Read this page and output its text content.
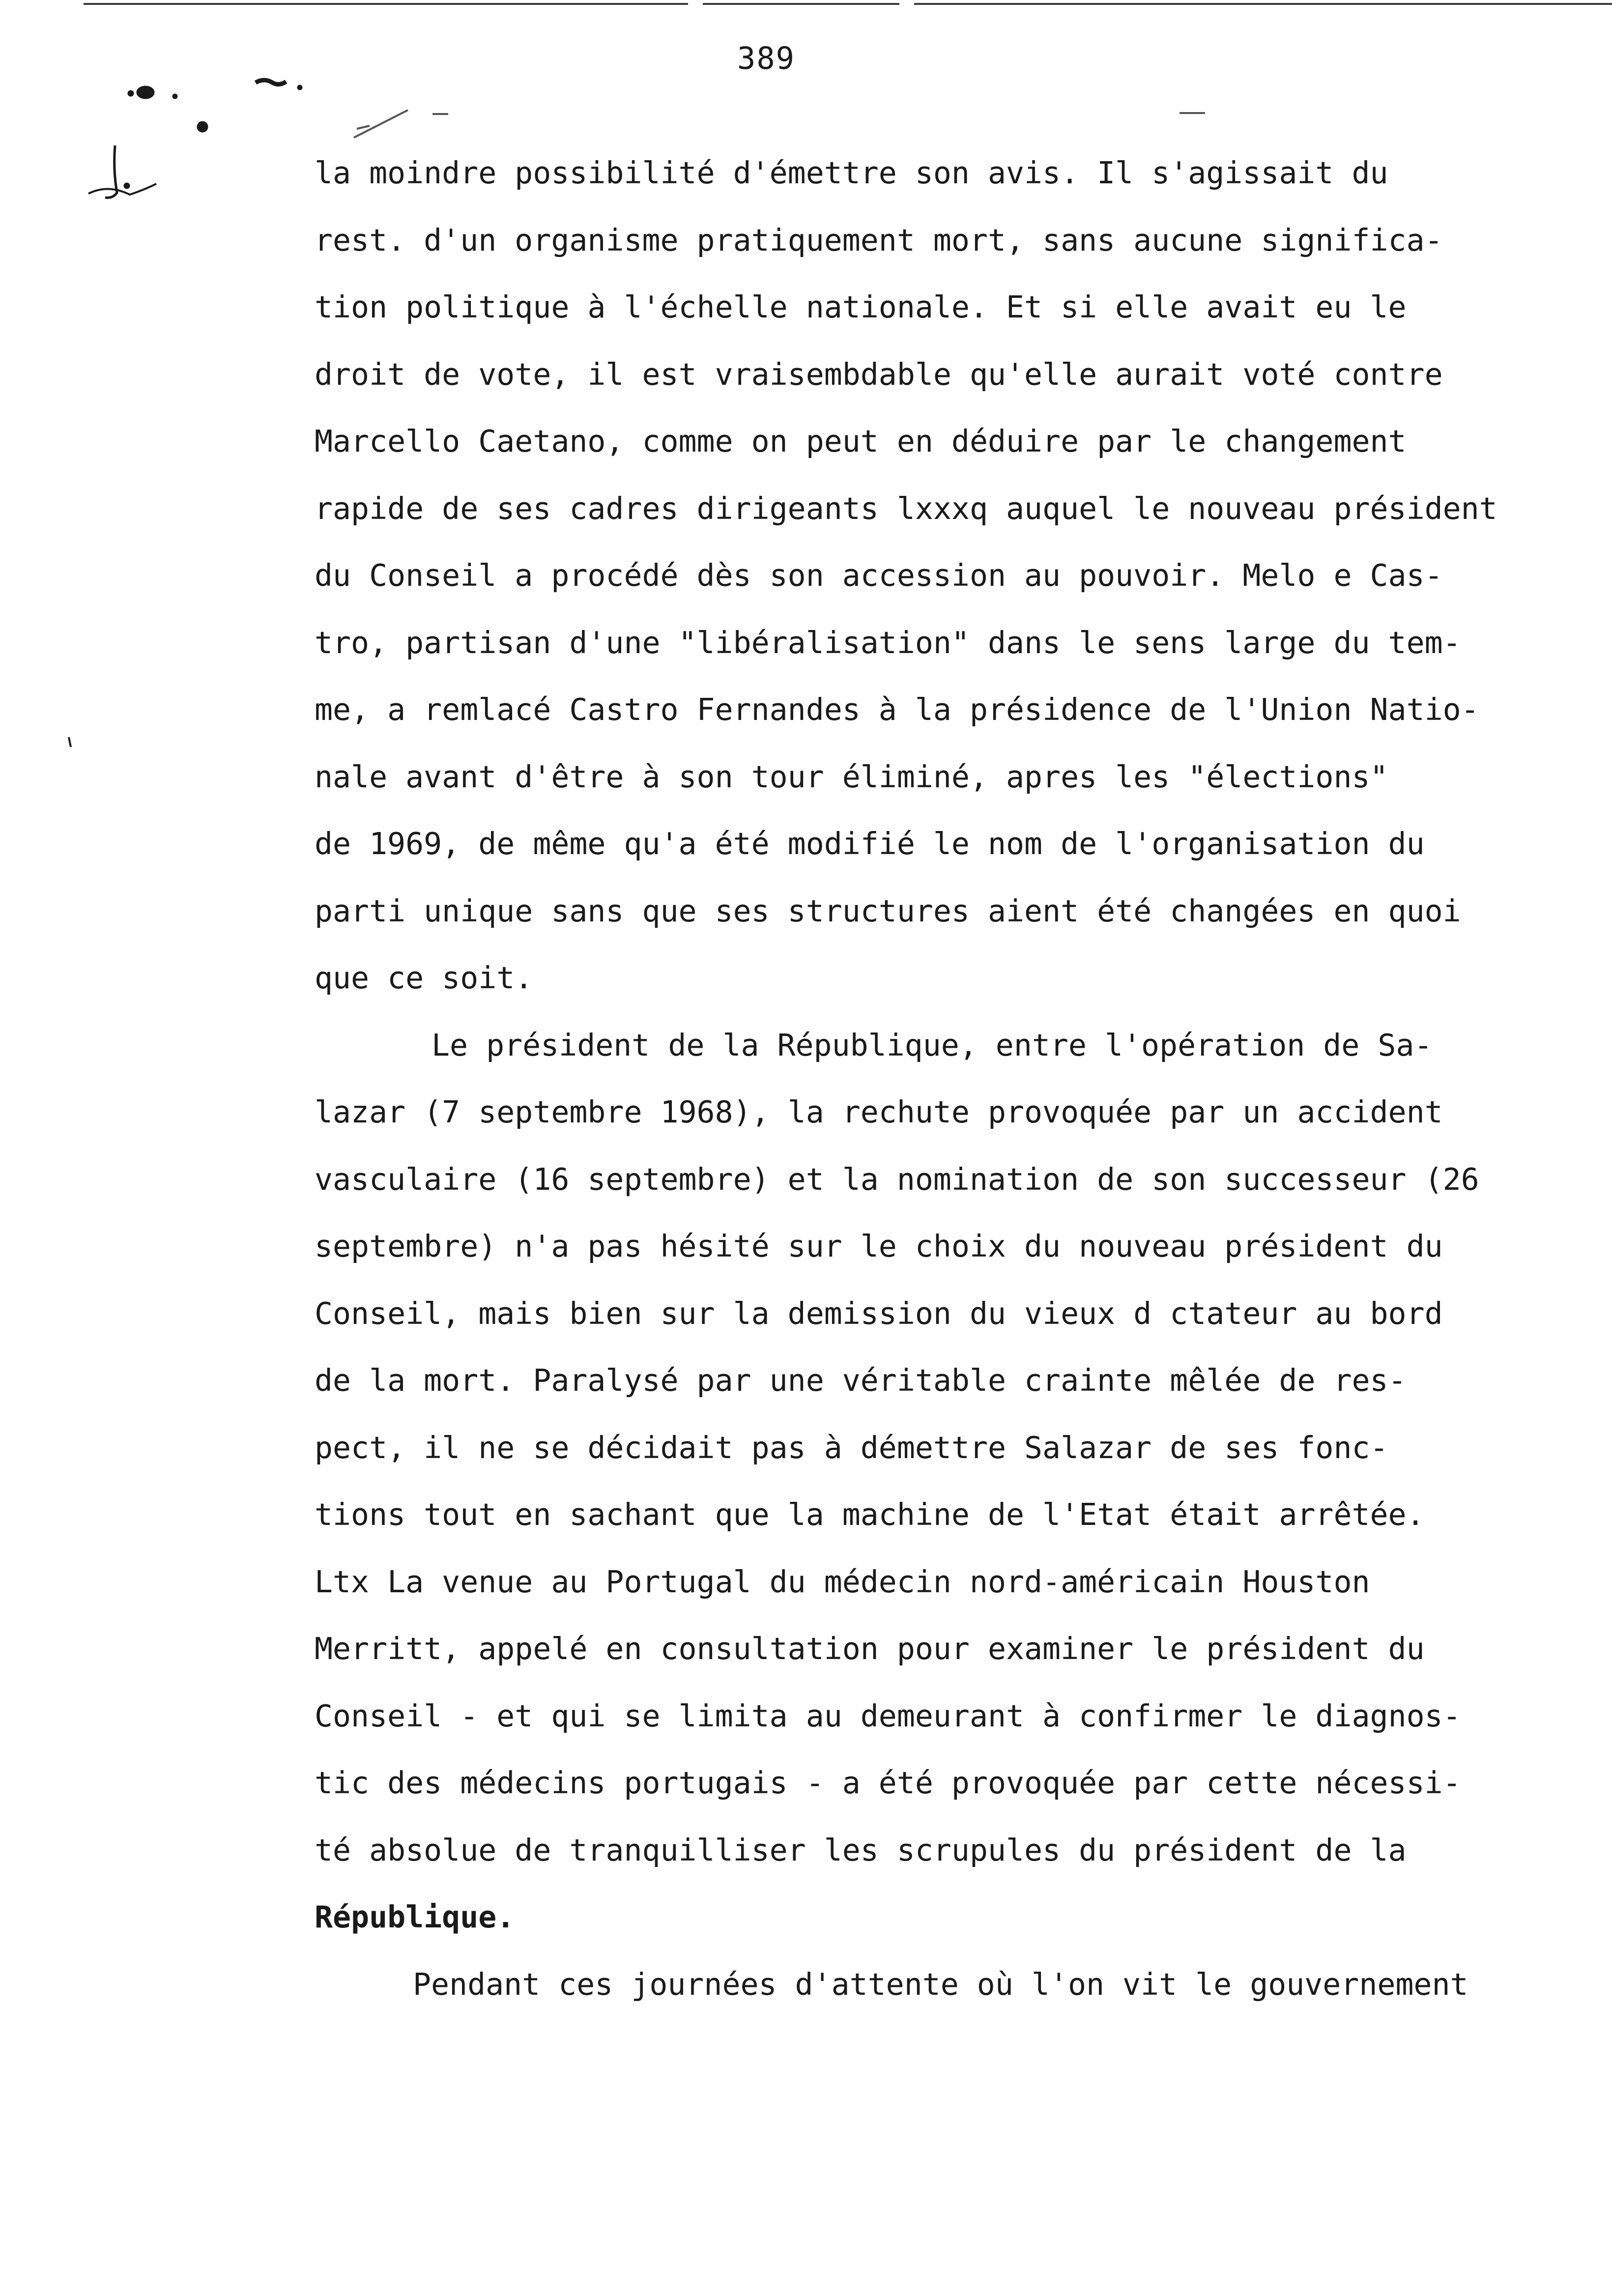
389
la moindre possibilité d'émettre son avis. Il s'agissait du
rest. d'un organisme pratiquement mort, sans aucune significa-
tion politique à l'échelle nationale. Et si elle avait eu le
droit de vote, il est vraisembdable qu'elle aurait voté contre
Marcello Caetano, comme on peut en déduire par le changement
rapide de ses cadres dirigeants lxxxq auquel le nouveau président
du Conseil a procédé dès son accession au pouvoir. Melo e Cas-
tro, partisan d'une "libéralisation" dans le sens large du tem-
me, a remlacé Castro Fernandes à la présidence de l'Union Natio-
nale avant d'être à son tour éliminé, apres les "élections"
de 1969, de même qu'a été modifié le nom de l'organisation du
parti unique sans que ses structures aient été changées en quoi
que ce soit.
Le président de la République, entre l'opération de Sa-
lazar (7 septembre 1968), la rechute provoquée par un accident
vasculaire (16 septembre) et la nomination de son successeur (26
septembre) n'a pas hésité sur le choix du nouveau président du
Conseil, mais bien sur la demission du vieux d ctateur au bord
de la mort. Paralysé par une véritable crainte mêlée de res-
pect, il ne se décidait pas à démettre Salazar de ses fonc-
tions tout en sachant que la machine de l'Etat était arrêtée.
Ltx La venue au Portugal du médecin nord-américain Houston
Merritt, appelé en consultation pour examiner le président du
Conseil - et qui se limita au demeurant à confirmer le diagnos-
tic des médecins portugais - a été provoquée par cette nécessi-
té absolue de tranquilliser les scrupules du président de la
République.
Pendant ces journées d'attente où l'on vit le gouvernement
